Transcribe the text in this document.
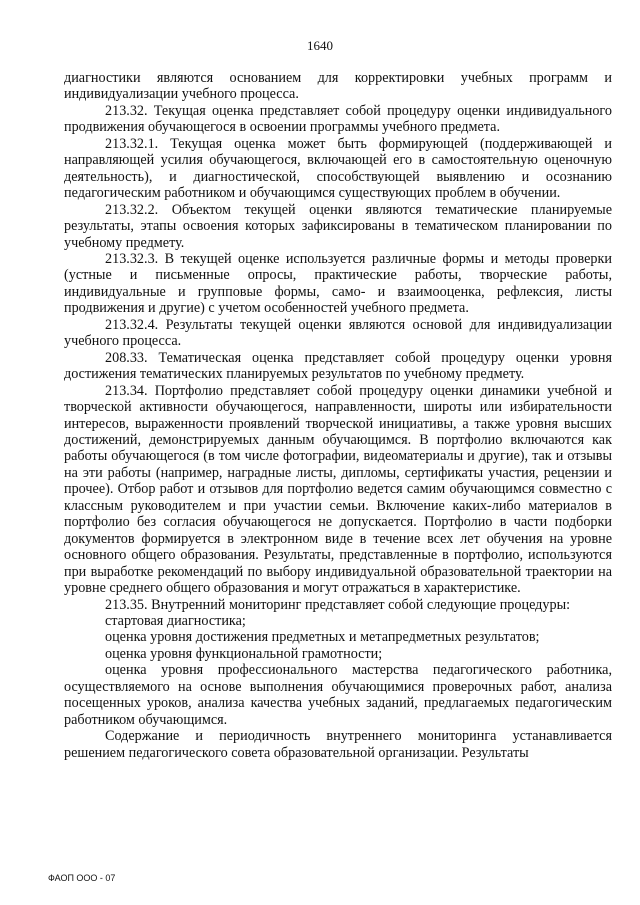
1640

диагностики являются основанием для корректировки учебных программ и индивидуализации учебного процесса.

213.32. Текущая оценка представляет собой процедуру оценки индивидуального продвижения обучающегося в освоении программы учебного предмета.

213.32.1. Текущая оценка может быть формирующей (поддерживающей и направляющей усилия обучающегося, включающей его в самостоятельную оценочную деятельность), и диагностической, способствующей выявлению и осознанию педагогическим работником и обучающимся существующих проблем в обучении.

213.32.2. Объектом текущей оценки являются тематические планируемые результаты, этапы освоения которых зафиксированы в тематическом планировании по учебному предмету.

213.32.3. В текущей оценке используется различные формы и методы проверки (устные и письменные опросы, практические работы, творческие работы, индивидуальные и групповые формы, само- и взаимооценка, рефлексия, листы продвижения и другие) с учетом особенностей учебного предмета.

213.32.4. Результаты текущей оценки являются основой для индивидуализации учебного процесса.

208.33. Тематическая оценка представляет собой процедуру оценки уровня достижения тематических планируемых результатов по учебному предмету.

213.34. Портфолио представляет собой процедуру оценки динамики учебной и творческой активности обучающегося, направленности, широты или избирательности интересов, выраженности проявлений творческой инициативы, а также уровня высших достижений, демонстрируемых данным обучающимся. В портфолио включаются как работы обучающегося (в том числе фотографии, видеоматериалы и другие), так и отзывы на эти работы (например, наградные листы, дипломы, сертификаты участия, рецензии и прочее). Отбор работ и отзывов для портфолио ведется самим обучающимся совместно с классным руководителем и при участии семьи. Включение каких-либо материалов в портфолио без согласия обучающегося не допускается. Портфолио в части подборки документов формируется в электронном виде в течение всех лет обучения на уровне основного общего образования. Результаты, представленные в портфолио, используются при выработке рекомендаций по выбору индивидуальной образовательной траектории на уровне среднего общего образования и могут отражаться в характеристике.

213.35. Внутренний мониторинг представляет собой следующие процедуры:

стартовая диагностика;

оценка уровня достижения предметных и метапредметных результатов;

оценка уровня функциональной грамотности;

оценка уровня профессионального мастерства педагогического работника, осуществляемого на основе выполнения обучающимися проверочных работ, анализа посещенных уроков, анализа качества учебных заданий, предлагаемых педагогическим работником обучающимся.

Содержание и периодичность внутреннего мониторинга устанавливается решением педагогического совета образовательной организации. Результаты

ФАОП ООО - 07
